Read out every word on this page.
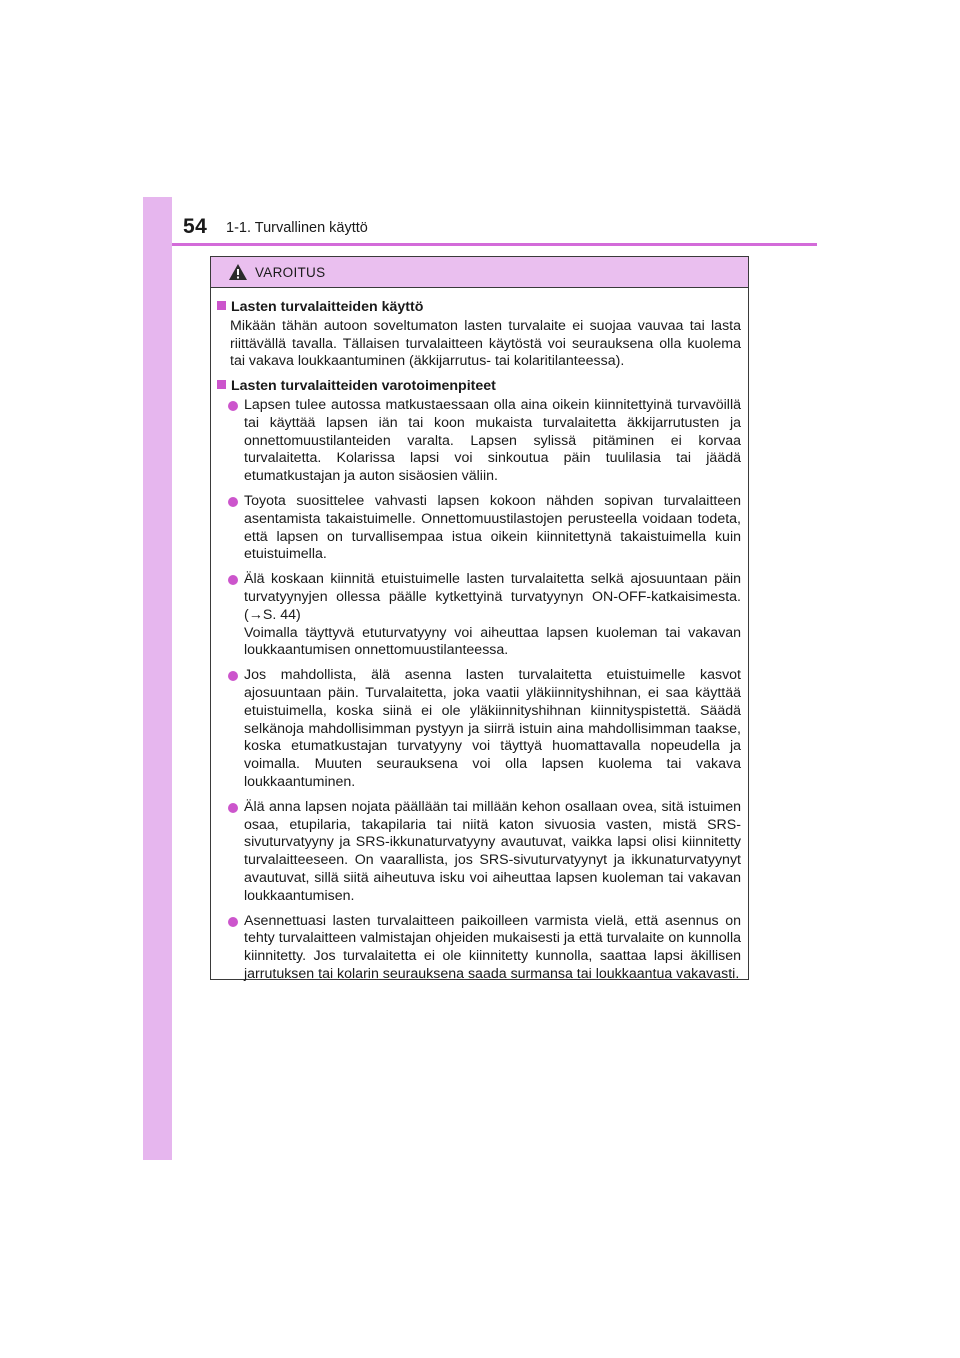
54 1-1. Turvallinen käyttö
VAROITUS
Lasten turvalaitteiden käyttö
Mikään tähän autoon soveltumaton lasten turvalaite ei suojaa vauvaa tai lasta riittävällä tavalla. Tällaisen turvalaitteen käytöstä voi seurauksena olla kuolema tai vakava loukkaantuminen (äkkijarrutus- tai kolaritilanteessa).
Lasten turvalaitteiden varotoimenpiteet
Lapsen tulee autossa matkustaessaan olla aina oikein kiinnitettyinä turvavöillä tai käyttää lapsen iän tai koon mukaista turvalaitetta äkkijarrutusten ja onnettomuustilanteiden varalta. Lapsen sylissä pitäminen ei korvaa turvalaitetta. Kolarissa lapsi voi sinkoutua päin tuulilasia tai jäädä etumatkustajan ja auton sisäosien väliin.
Toyota suosittelee vahvasti lapsen kokoon nähden sopivan turvalaitteen asentamista takaistuimelle. Onnettomuustilastojen perusteella voidaan todeta, että lapsen on turvallisempaa istua oikein kiinnitettynä takaistuimella kuin etuistuimella.
Älä koskaan kiinnitä etuistuimelle lasten turvalaitetta selkä ajosuuntaan päin turvatyynyjen ollessa päälle kytkettyinä turvatyynyn ON-OFF-katkaisimesta. (→S. 44)
Voimalla täyttyvä etuturvatyyny voi aiheuttaa lapsen kuoleman tai vakavan loukkaantumisen onnettomuustilanteessa.
Jos mahdollista, älä asenna lasten turvalaitetta etuistuimelle kasvot ajosuuntaan päin. Turvalaitetta, joka vaatii yläkiinnityshihnan, ei saa käyttää etuistuimella, koska siinä ei ole yläkiinnityshihnan kiinnityspistettä. Säädä selkänoja mahdollisimman pystyyn ja siirrä istuin aina mahdollisimman taakse, koska etumatkustajan turvatyyny voi täyttyä huomattavalla nopeudella ja voimalla. Muuten seurauksena voi olla lapsen kuolema tai vakava loukkaantuminen.
Älä anna lapsen nojata päällään tai millään kehon osallaan ovea, sitä istuimen osaa, etupilaria, takapilaria tai niitä katon sivuosia vasten, mistä SRS-sivuturvatyyny ja SRS-ikkunaturvatyyny avautuvat, vaikka lapsi olisi kiinnitetty turvalaitteeseen. On vaarallista, jos SRS-sivuturvatyynyt ja ikkunaturvatyynyt avautuvat, sillä siitä aiheutuva isku voi aiheuttaa lapsen kuoleman tai vakavan loukkaantumisen.
Asennettuasi lasten turvalaitteen paikoilleen varmista vielä, että asennus on tehty turvalaitteen valmistajan ohjeiden mukaisesti ja että turvalaite on kunnolla kiinnitetty. Jos turvalaitetta ei ole kiinnitetty kunnolla, saattaa lapsi äkillisen jarrutuksen tai kolarin seurauksena saada surmansa tai loukkaantua vakavasti.
